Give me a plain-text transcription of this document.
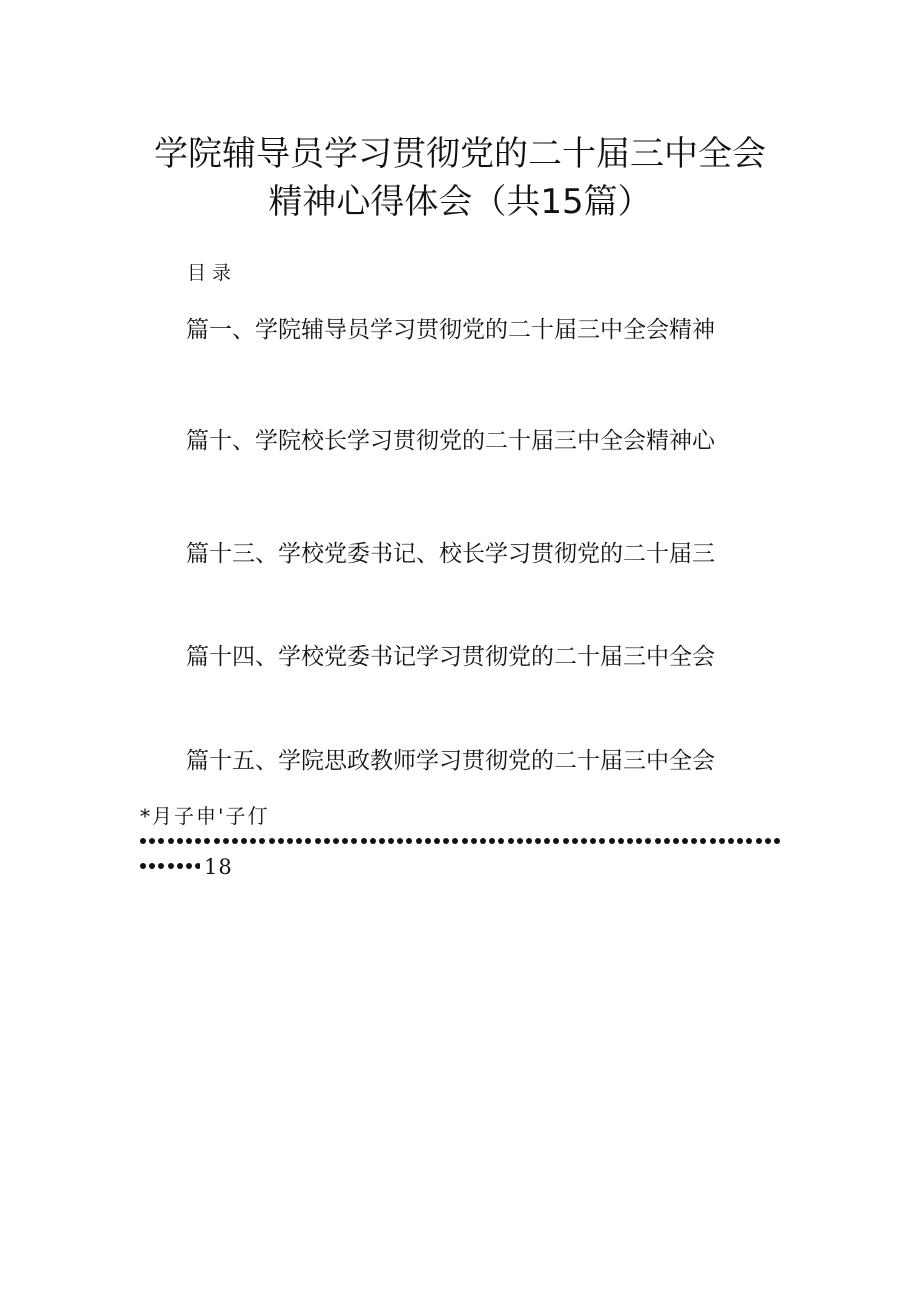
学院辅导员学习贯彻党的二十届三中全会
精神心得体会（共15篇）
目录
篇一、学院辅导员学习贯彻党的二十届三中全会精神
篇十、学院校长学习贯彻党的二十届三中全会精神心
篇十三、学校党委书记、校长学习贯彻党的二十届三
篇十四、学校党委书记学习贯彻党的二十届三中全会
篇十五、学院思政教师学习贯彻党的二十届三中全会
*月子申'子仃
18
